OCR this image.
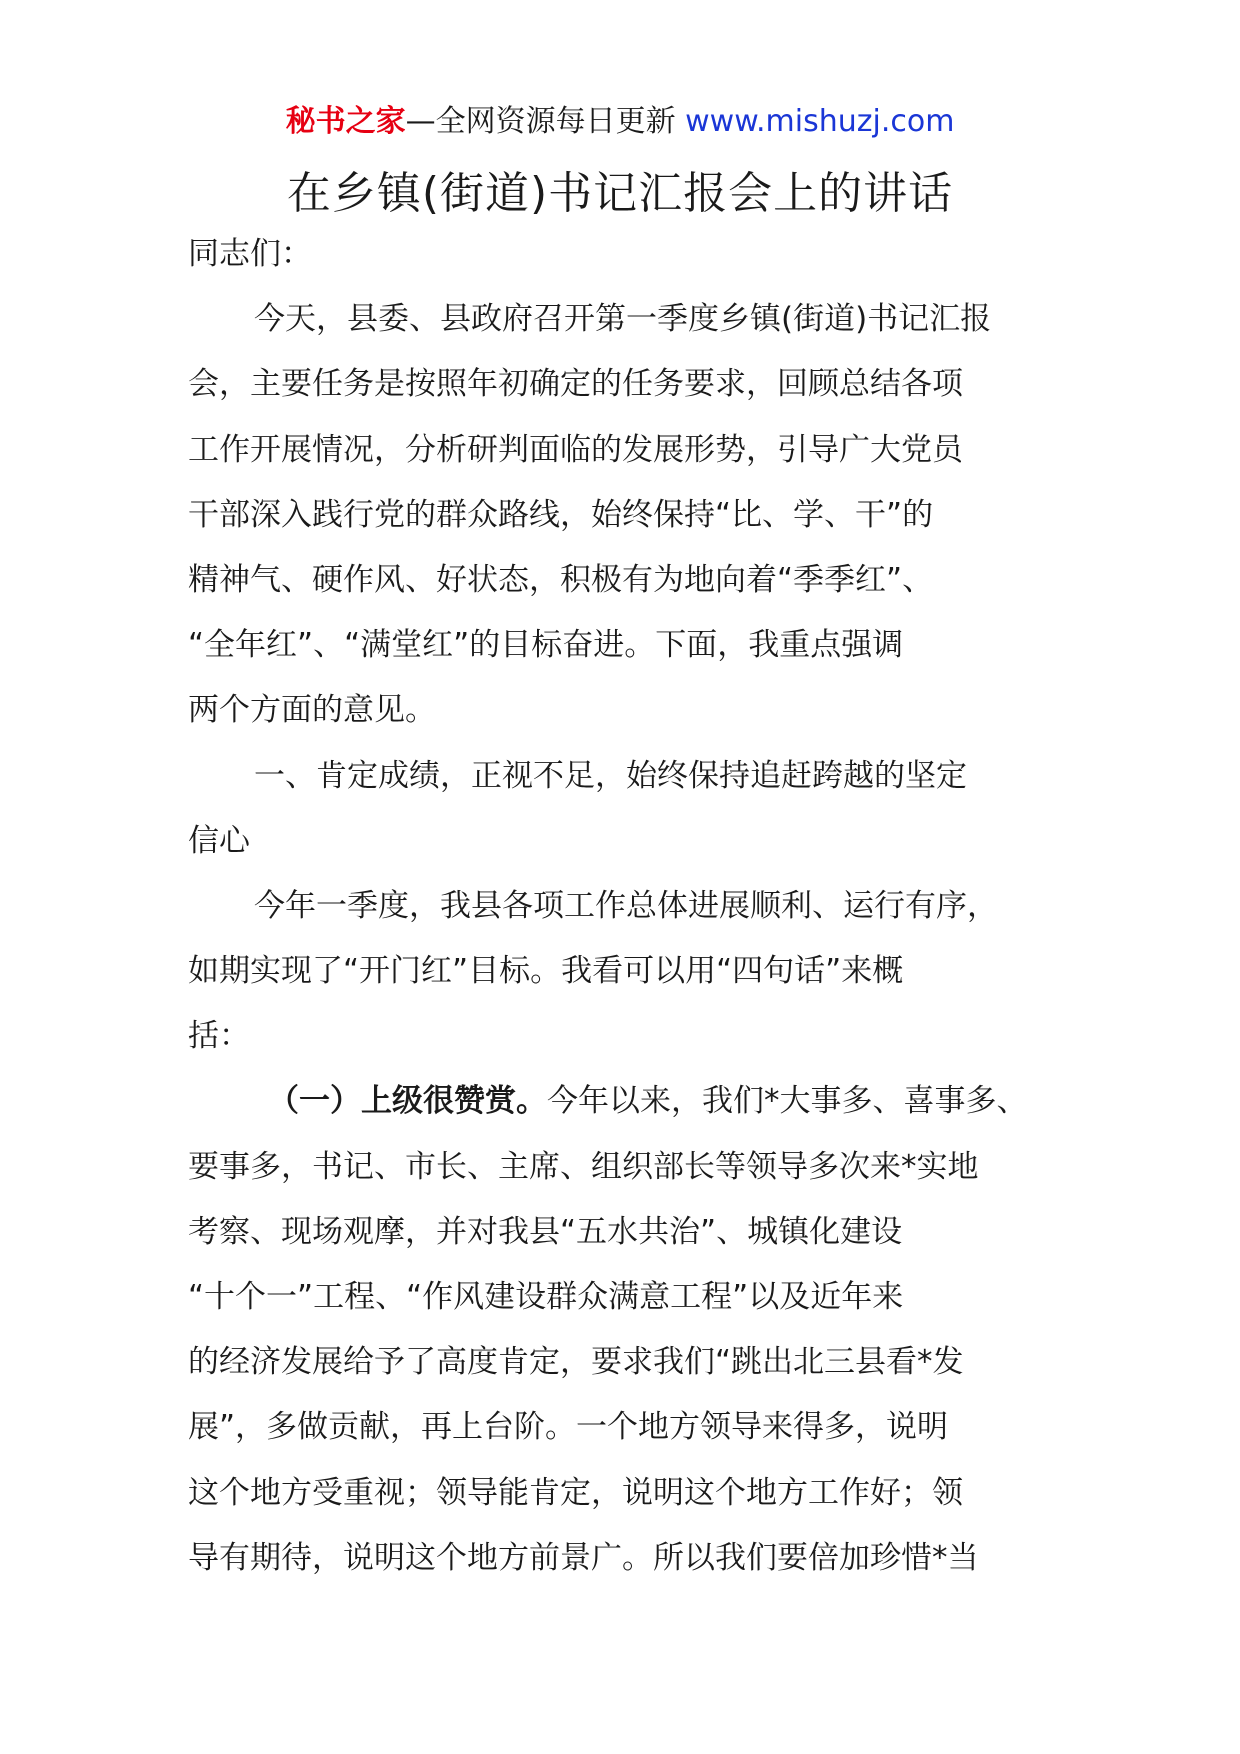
秘书之家—全网资源每日更新 www.mishuzj.com
在乡镇(街道)书记汇报会上的讲话
同志们：
今天，县委、县政府召开第一季度乡镇(街道)书记汇报
会，主要任务是按照年初确定的任务要求，回顾总结各项
工作开展情况，分析研判面临的发展形势，引导广大党员
干部深入践行党的群众路线，始终保持“比、学、干”的
精神气、硬作风、好状态，积极有为地向着“季季红”、
“全年红”、“满堂红”的目标奋进。下面，我重点强调
两个方面的意见。
一、肯定成绩，正视不足，始终保持追赶跨越的坚定
信心
今年一季度，我县各项工作总体进展顺利、运行有序，
如期实现了“开门红”目标。我看可以用“四句话”来概
括：
（一）上级很赞赏。今年以来，我们*大事多、喜事多、
要事多，书记、市长、主席、组织部长等领导多次来*实地
考察、现场观摩，并对我县“五水共治”、城镇化建设
“十个一”工程、“作风建设群众满意工程”以及近年来
的经济发展给予了高度肯定，要求我们“跳出北三县看*发
展”，多做贡献，再上台阶。一个地方领导来得多，说明
这个地方受重视；领导能肯定，说明这个地方工作好；领
导有期待，说明这个地方前景广。所以我们要倍加珍惜*当
